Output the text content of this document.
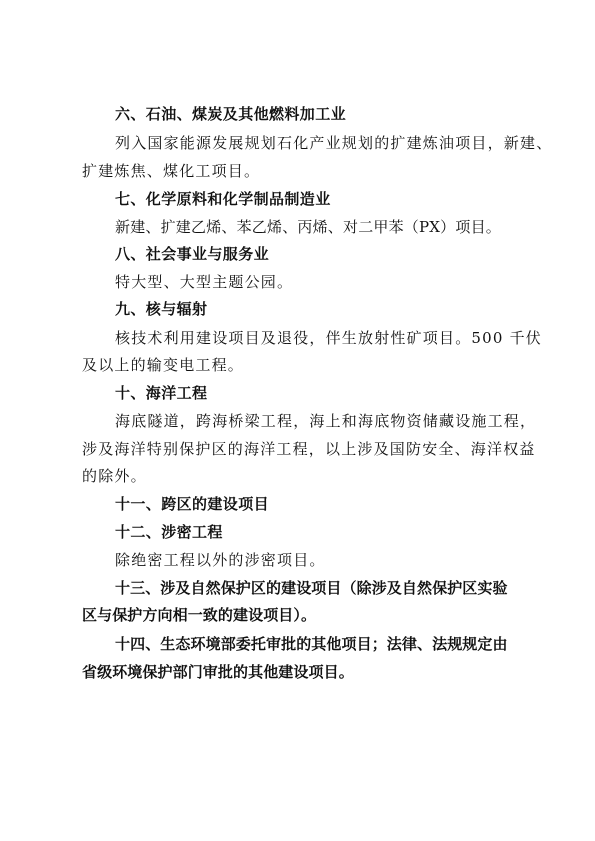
六、石油、煤炭及其他燃料加工业
列入国家能源发展规划石化产业规划的扩建炼油项目，新建、
扩建炼焦、煤化工项目。
七、化学原料和化学制品制造业
新建、扩建乙烯、苯乙烯、丙烯、对二甲苯（PX）项目。
八、社会事业与服务业
特大型、大型主题公园。
九、核与辐射
核技术利用建设项目及退役，伴生放射性矿项目。500 千伏
及以上的输变电工程。
十、海洋工程
海底隧道，跨海桥梁工程，海上和海底物资储藏设施工程，
涉及海洋特别保护区的海洋工程，以上涉及国防安全、海洋权益
的除外。
十一、跨区的建设项目
十二、涉密工程
除绝密工程以外的涉密项目。
十三、涉及自然保护区的建设项目（除涉及自然保护区实验
区与保护方向相一致的建设项目）。
十四、生态环境部委托审批的其他项目；法律、法规规定由
省级环境保护部门审批的其他建设项目。
